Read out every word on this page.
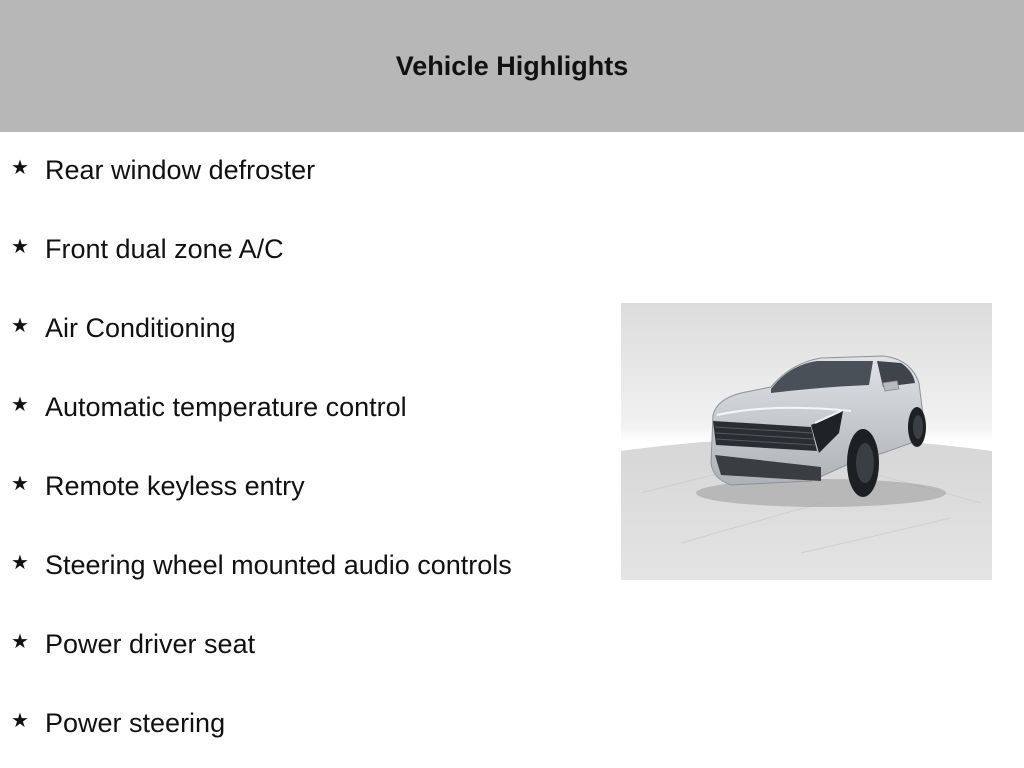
Vehicle Highlights
★ Rear window defroster
★ Front dual zone A/C
★ Air Conditioning
★ Automatic temperature control
★ Remote keyless entry
★ Steering wheel mounted audio controls
★ Power driver seat
★ Power steering
